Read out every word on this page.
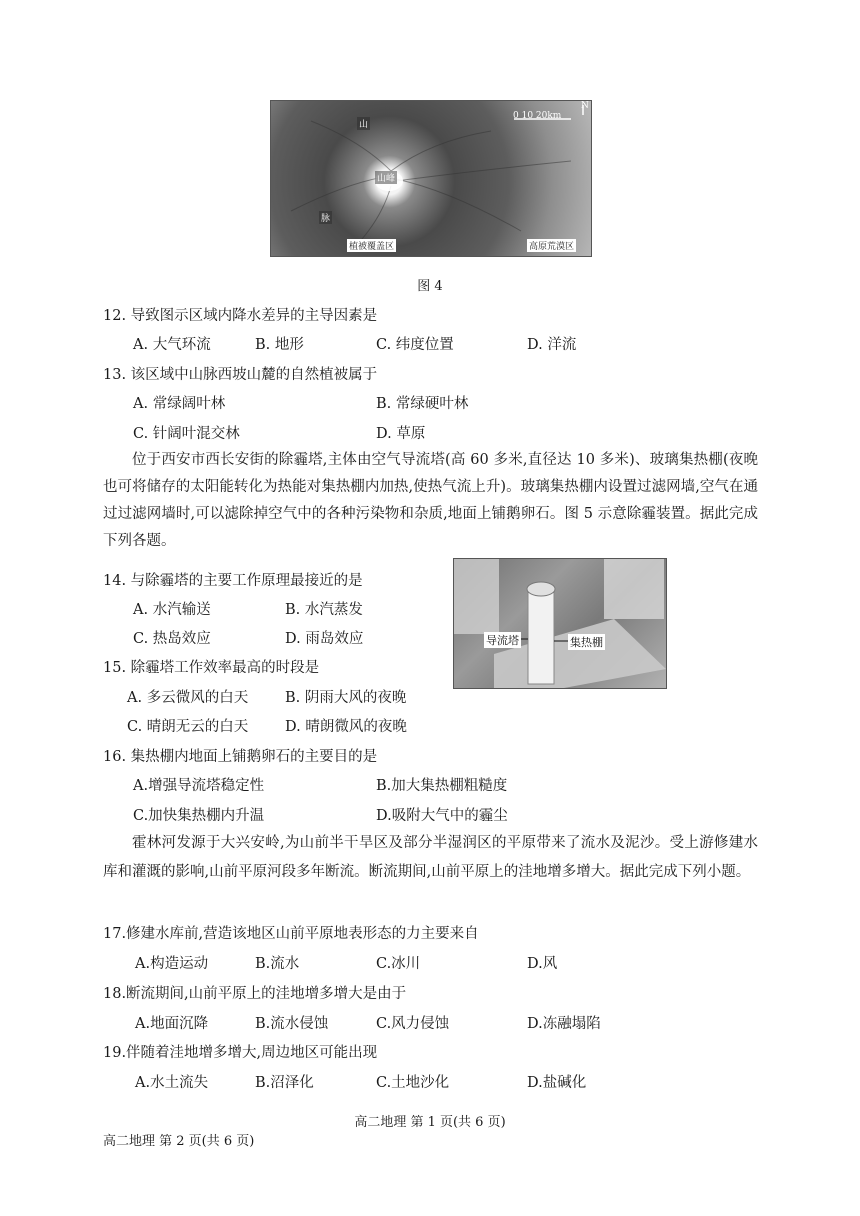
山
山峰
脉
0 10 20km
N
植被覆盖区	高原荒漠区
图 4
12. 导致图示区域内降水差异的主导因素是
A. 大气环流	B. 地形	C. 纬度位置	D. 洋流
13. 该区域中山脉西坡山麓的自然植被属于
A. 常绿阔叶林	B. 常绿硬叶林
C. 针阔叶混交林	D. 草原
位于西安市西长安街的除霾塔,主体由空气导流塔(高 60 多米,直径达 10 多米)、玻璃集热棚(夜晚也可将储存的太阳能转化为热能对集热棚内加热,使热气流上升)。玻璃集热棚内设置过滤网墙,空气在通过过滤网墙时,可以滤除掉空气中的各种污染物和杂质,地面上铺鹅卵石。图 5 示意除霾装置。据此完成下列各题。
导流塔	集热棚
14. 与除霾塔的主要工作原理最接近的是
A. 水汽输送	B. 水汽蒸发
C. 热岛效应	D. 雨岛效应
15. 除霾塔工作效率最高的时段是
A. 多云微风的白天	B. 阴雨大风的夜晚
C. 晴朗无云的白天	D. 晴朗微风的夜晚
16. 集热棚内地面上铺鹅卵石的主要目的是
A.增强导流塔稳定性	B.加大集热棚粗糙度
C.加快集热棚内升温	D.吸附大气中的霾尘
霍林河发源于大兴安岭,为山前半干旱区及部分半湿润区的平原带来了流水及泥沙。受上游修建水库和灌溉的影响,山前平原河段多年断流。断流期间,山前平原上的洼地增多增大。据此完成下列小题。
17.修建水库前,营造该地区山前平原地表形态的力主要来自
A.构造运动	B.流水	C.冰川	D.风
18.断流期间,山前平原上的洼地增多增大是由于
A.地面沉降	B.流水侵蚀	C.风力侵蚀	D.冻融塌陷
19.伴随着洼地增多增大,周边地区可能出现
A.水土流失	B.沼泽化	C.土地沙化	D.盐碱化
高二地理 第 1 页(共 6 页)
高二地理 第 2 页(共 6 页)
